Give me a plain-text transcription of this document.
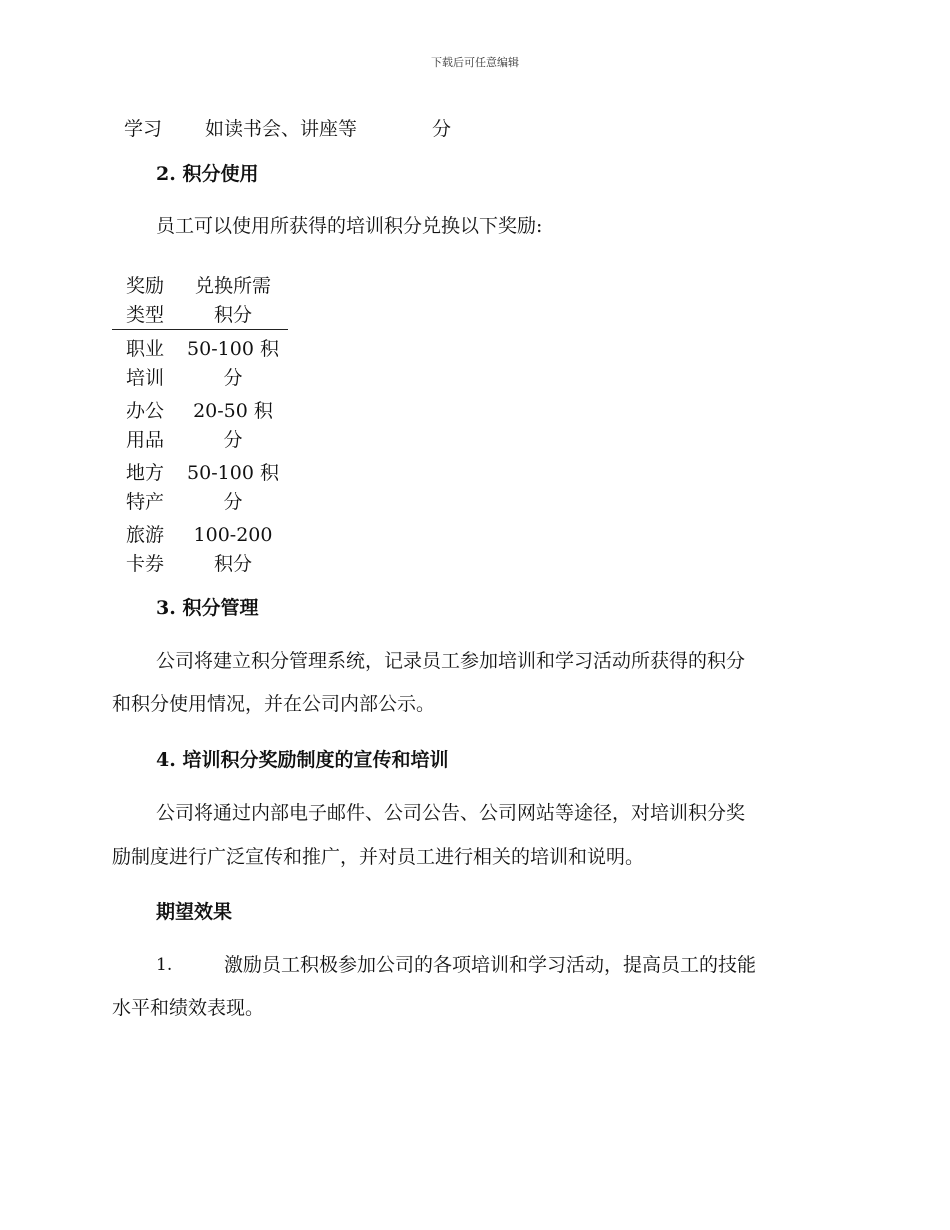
下载后可任意编辑
学习 如读书会、讲座等	分
2. 积分使用
员工可以使用所获得的培训积分兑换以下奖励:
奖励
类型
兑换所需
积分
职业
培训
50-100 积
分
办公
用品
20-50 积
分
地方
特产
50-100 积
分
旅游
卡券
100-200
积分
3. 积分管理
公司将建立积分管理系统，记录员工参加培训和学习活动所获得的积分
和积分使用情况，并在公司内部公示。
4. 培训积分奖励制度的宣传和培训
公司将通过内部电子邮件、公司公告、公司网站等途径，对培训积分奖
励制度进行广泛宣传和推广，并对员工进行相关的培训和说明。
期望效果
1.	激励员工积极参加公司的各项培训和学习活动，提高员工的技能
水平和绩效表现。
